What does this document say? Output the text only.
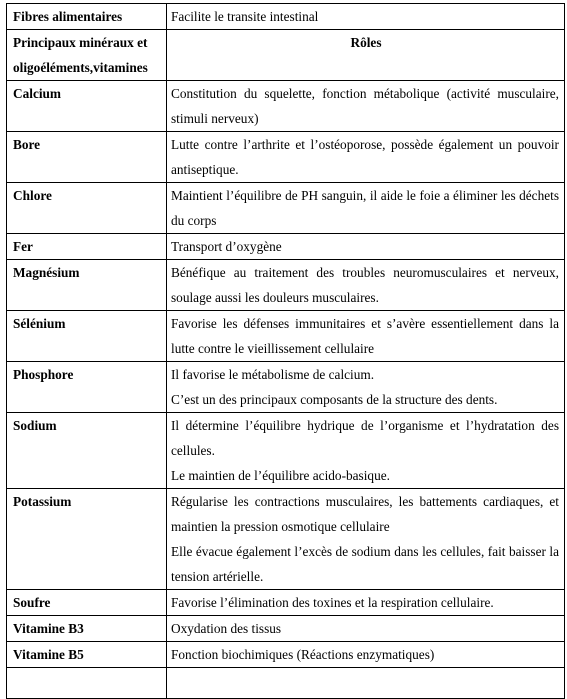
Fibres alimentaires	Facilite le transite intestinal

Principaux minéraux et oligoéléments,vitamines	Rôles

Calcium	Constitution du squelette, fonction métabolique (activité musculaire, stimuli nerveux)

Bore	Lutte contre l’arthrite et l’ostéoporose, possède également un pouvoir antiseptique.

Chlore	Maintient l’équilibre de PH sanguin, il aide le foie a éliminer les déchets du corps

Fer	Transport d’oxygène

Magnésium	Bénéfique au traitement des troubles neuromusculaires et nerveux, soulage aussi les douleurs musculaires.

Sélénium	Favorise les défenses immunitaires et s’avère essentiellement dans la lutte contre le vieillissement cellulaire

Phosphore	Il favorise le métabolisme de calcium.
C’est un des principaux composants de la structure des dents.

Sodium	Il détermine l’équilibre hydrique de l’organisme et l’hydratation des cellules.
Le maintien de l’équilibre acido-basique.

Potassium	Régularise les contractions musculaires, les battements cardiaques, et maintien la pression osmotique cellulaire
Elle évacue également l’excès de sodium dans les cellules, fait baisser la tension artérielle.

Soufre	Favorise l’élimination des toxines et la respiration cellulaire.

Vitamine B3	Oxydation des tissus

Vitamine B5	Fonction biochimiques (Réactions enzymatiques)
